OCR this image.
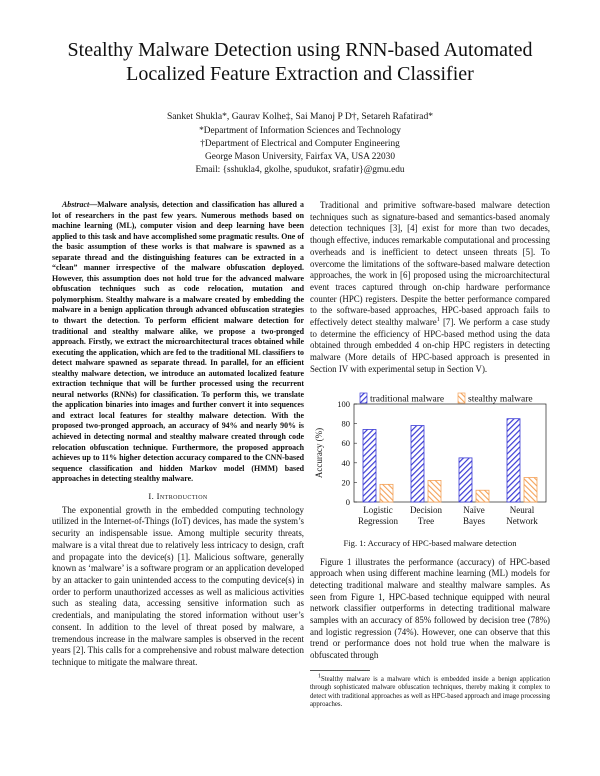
Stealthy Malware Detection using RNN-based Automated
Localized Feature Extraction and Classifier
Sanket Shukla*, Gaurav Kolhe‡, Sai Manoj P D†, Setareh Rafatirad*
*Department of Information Sciences and Technology
†Department of Electrical and Computer Engineering
George Mason University, Fairfax VA, USA 22030
Email: {sshukla4, gkolhe, spudukot, srafatir}@gmu.edu

Abstract—Malware analysis, detection and classification has allured a lot of researchers in the past few years. Numerous methods based on machine learning (ML), computer vision and deep learning have been applied to this task and have accomplished some pragmatic results. One of the basic assumption of these works is that malware is spawned as a separate thread and the distinguishing features can be extracted in a “clean” manner irrespective of the malware obfuscation deployed. However, this assumption does not hold true for the advanced malware obfuscation techniques such as code relocation, mutation and polymorphism. Stealthy malware is a malware created by embedding the malware in a benign application through advanced obfuscation strategies to thwart the detection. To perform efficient malware detection for traditional and stealthy malware alike, we propose a two-pronged approach. Firstly, we extract the microarchitectural traces obtained while executing the application, which are fed to the traditional ML classifiers to detect malware spawned as separate thread. In parallel, for an efficient stealthy malware detection, we introduce an automated localized feature extraction technique that will be further processed using the recurrent neural networks (RNNs) for classification. To perform this, we translate the application binaries into images and further convert it into sequences and extract local features for stealthy malware detection. With the proposed two-pronged approach, an accuracy of 94% and nearly 90% is achieved in detecting normal and stealthy malware created through code relocation obfuscation technique. Furthermore, the proposed approach achieves up to 11% higher detection accuracy compared to the CNN-based sequence classification and hidden Markov model (HMM) based approaches in detecting stealthy malware.

I. Introduction

The exponential growth in the embedded computing technology utilized in the Internet-of-Things (IoT) devices, has made the system’s security an indispensable issue. Among multiple security threats, malware is a vital threat due to relatively less intricacy to design, craft and propagate into the device(s) [1]. Malicious software, generally known as ‘malware’ is a software program or an application developed by an attacker to gain unintended access to the computing device(s) in order to perform unauthorized accesses as well as malicious activities such as stealing data, accessing sensitive information such as credentials, and manipulating the stored information without user’s consent. In addition to the level of threat posed by malware, a tremendous increase in the malware samples is observed in the recent years [2]. This calls for a comprehensive and robust malware detection technique to mitigate the malware threat.

Traditional and primitive software-based malware detection techniques such as signature-based and semantics-based anomaly detection techniques [3], [4] exist for more than two decades, though effective, induces remarkable computational and processing overheads and is inefficient to detect unseen threats [5]. To overcome the limitations of the software-based malware detection approaches, the work in [6] proposed using the microarchitectural event traces captured through on-chip hardware performance counter (HPC) registers. Despite the better performance compared to the software-based approaches, HPC-based approach fails to effectively detect stealthy malware$^1$ [7]. We perform a case study to determine the efficiency of HPC-based method using the data obtained through embedded 4 on-chip HPC registers in detecting malware (More details of HPC-based approach is presented in Section IV with experimental setup in Section V).

0
20
40
60
80
100
Accuracy (%)
Logistic
Regression
Decision
Tree
Naïve
Bayes
Neural
Network
traditional malware	stealthy malware
Fig. 1: Accuracy of HPC-based malware detection

Figure 1 illustrates the performance (accuracy) of HPC-based approach when using different machine learning (ML) models for detecting traditional malware and stealthy malware samples. As seen from Figure 1, HPC-based technique equipped with neural network classifier outperforms in detecting traditional malware samples with an accuracy of 85% followed by decision tree (78%) and logistic regression (74%). However, one can observe that this trend or performance does not hold true when the malware is obfuscated through

$^1$Stealthy malware is a malware which is embedded inside a benign application through sophisticated malware obfuscation techniques, thereby making it complex to detect with traditional approaches as well as HPC-based approach and image processing approaches.
